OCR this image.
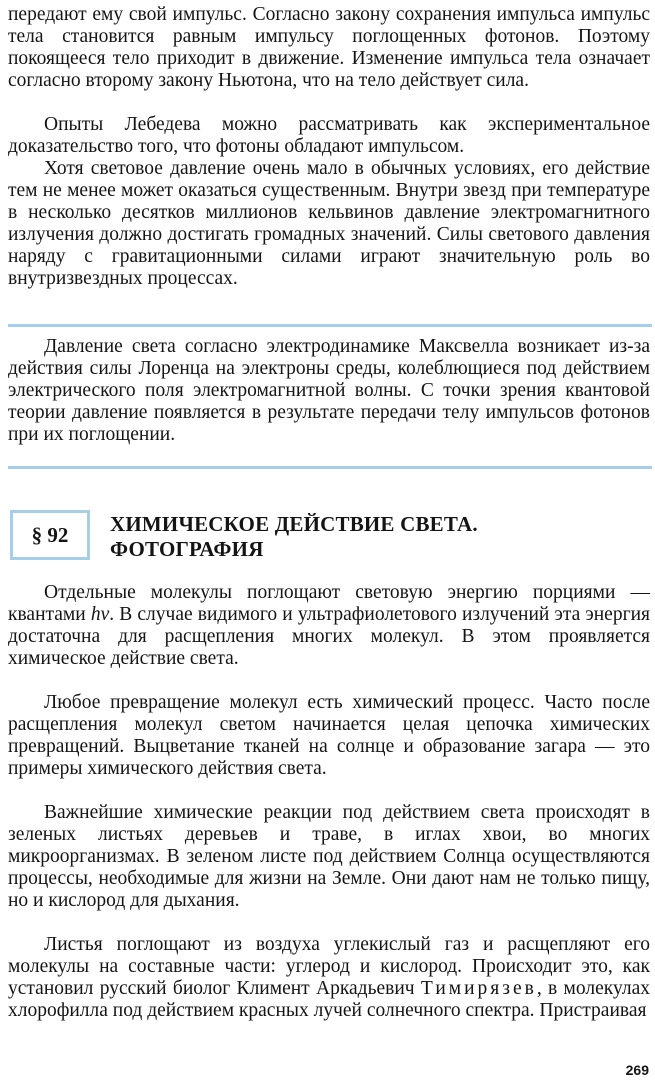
передают ему свой импульс. Согласно закону сохранения импульса импульс тела становится равным импульсу поглощенных фотонов. Поэтому покоящееся тело приходит в движение. Изменение импульса тела означает согласно второму закону Ньютона, что на тело действует сила.

Опыты Лебедева можно рассматривать как экспериментальное доказательство того, что фотоны обладают импульсом.

Хотя световое давление очень мало в обычных условиях, его действие тем не менее может оказаться существенным. Внутри звезд при температуре в несколько десятков миллионов кельвинов давление электромагнитного излучения должно достигать громадных значений. Силы светового давления наряду с гравитационными силами играют значительную роль во внутризвездных процессах.

Давление света согласно электродинамике Максвелла возникает из-за действия силы Лоренца на электроны среды, колеблющиеся под действием электрического поля электромагнитной волны. С точки зрения квантовой теории давление появляется в результате передачи телу импульсов фотонов при их поглощении.

§ 92 ХИМИЧЕСКОЕ ДЕЙСТВИЕ СВЕТА.
ФОТОГРАФИЯ

Отдельные молекулы поглощают световую энергию порциями — квантами hν. В случае видимого и ультрафиолетового излучений эта энергия достаточна для расщепления многих молекул. В этом проявляется химическое действие света.

Любое превращение молекул есть химический процесс. Часто после расщепления молекул светом начинается целая цепочка химических превращений. Выцветание тканей на солнце и образование загара — это примеры химического действия света.

Важнейшие химические реакции под действием света происходят в зеленых листьях деревьев и траве, в иглах хвои, во многих микроорганизмах. В зеленом листе под действием Солнца осуществляются процессы, необходимые для жизни на Земле. Они дают нам не только пищу, но и кислород для дыхания.

Листья поглощают из воздуха углекислый газ и расщепляют его молекулы на составные части: углерод и кислород. Происходит это, как установил русский биолог Климент Аркадьевич Тимирязев, в молекулах хлорофилла под действием красных лучей солнечного спектра. Пристраивая

269
